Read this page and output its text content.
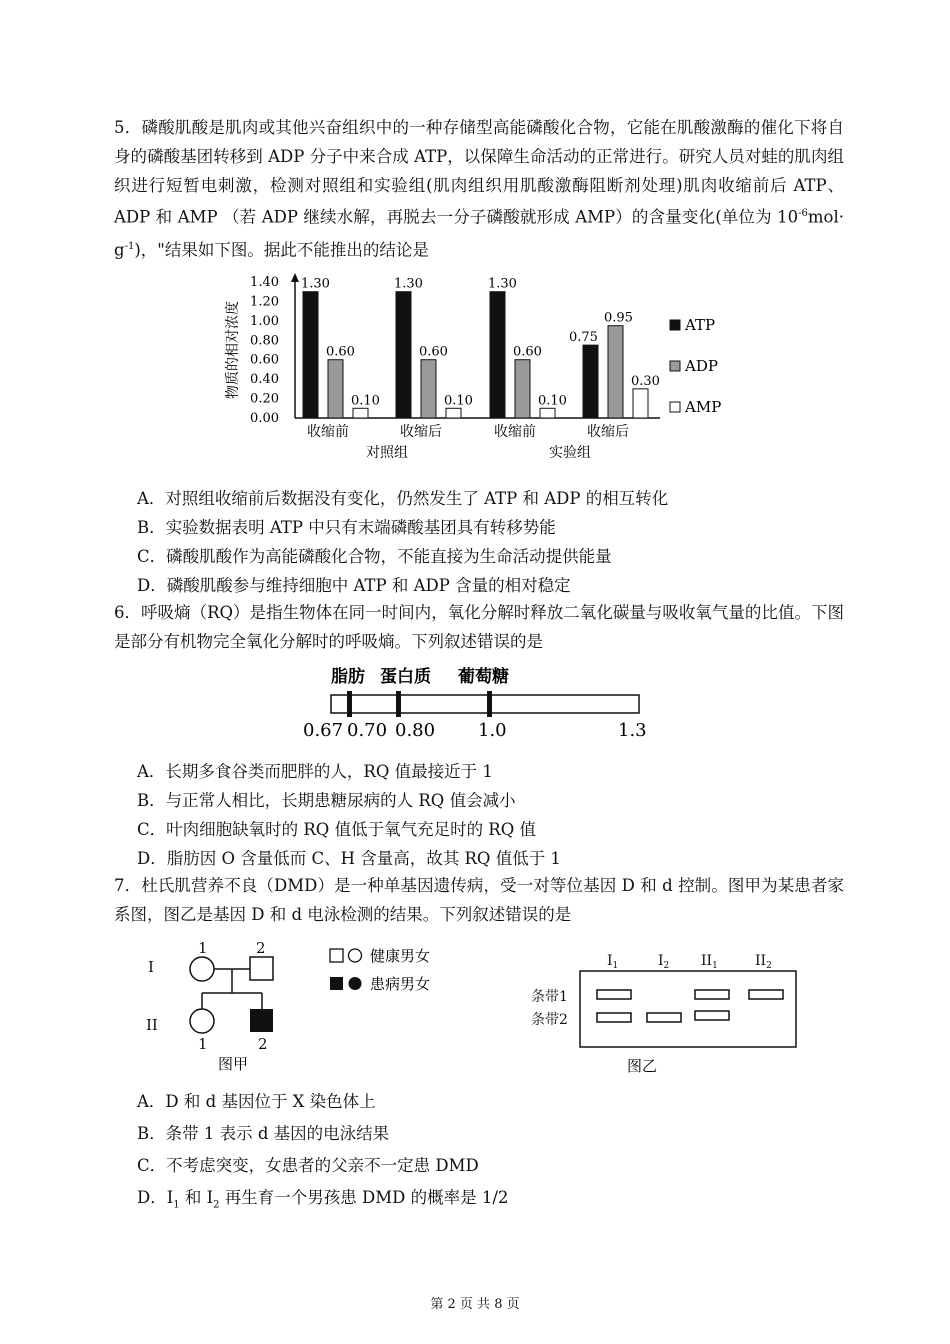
5．磷酸肌酸是肌肉或其他兴奋组织中的一种存储型高能磷酸化合物，它能在肌酸激酶的催化下将自身的磷酸基团转移到 ADP 分子中来合成 ATP，以保障生命活动的正常进行。研究人员对蛙的肌肉组织进行短暂电刺激，检测对照组和实验组(肌肉组织用肌酸激酶阻断剂处理)肌肉收缩前后 ATP、ADP 和 AMP （若 ADP 继续水解，再脱去一分子磷酸就形成 AMP）的含量变化(单位为 $10^{-6}mol\cdot g^{-1}$)，"结果如下图。据此不能推出的结论是
物质的相对浓度
0.00
0.20
0.40
0.60
0.80
1.00
1.20
1.40 1.30
0.60
0.10
收缩前
1.30
0.60
0.10
收缩后
1.30
0.60
0.10
收缩前
0.75
0.95
0.30
收缩后
对照组	实验组
ATP
ADP
AMP
A．对照组收缩前后数据没有变化，仍然发生了 ATP 和 ADP 的相互转化
B．实验数据表明 ATP 中只有末端磷酸基团具有转移势能
C．磷酸肌酸作为高能磷酸化合物，不能直接为生命活动提供能量
D．磷酸肌酸参与维持细胞中 ATP 和 ADP 含量的相对稳定
6．呼吸熵（RQ）是指生物体在同一时间内，氧化分解时释放二氧化碳量与吸收氧气量的比值。下图是部分有机物完全氧化分解时的呼吸熵。下列叙述错误的是
脂肪 蛋白质 葡萄糖
0.67 0.70 0.80 1.0	1.3
A．长期多食谷类而肥胖的人，RQ 值最接近于 1
B．与正常人相比，长期患糖尿病的人 RQ 值会减小
C．叶肉细胞缺氧时的 RQ 值低于氧气充足时的 RQ 值
D．脂肪因 O 含量低而 C、H 含量高，故其 RQ 值低于 1
7．杜氏肌营养不良（DMD）是一种单基因遗传病，受一对等位基因 D 和 d 控制。图甲为某患者家系图，图乙是基因 D 和 d 电泳检测的结果。下列叙述错误的是
I
II
1	2
1	2
图甲
健康男女
患病男女
$I_1$	$I_2$ $II_1$	$II_2$
条带1
条带2
图乙
A．D 和 d 基因位于 X 染色体上
B．条带 1 表示 d 基因的电泳结果
C．不考虑突变，女患者的父亲不一定患 DMD
D．$I_1$ 和 $I_2$ 再生育一个男孩患 DMD 的概率是 1/2
第 2 页 共 8 页
